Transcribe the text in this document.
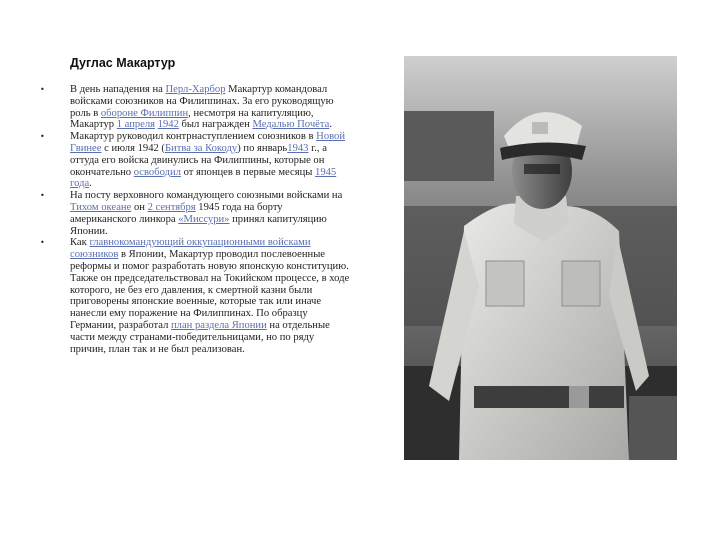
Дуглас Макартур
• В день нападения на Перл-Харбор Макартур командовал войсками союзников на Филиппинах. За его руководящую роль в обороне Филиппин, несмотря на капитуляцию, Макартур 1 апреля 1942 был награжден Медалью Почёта.
• Макартур руководил контрнаступлением союзников в Новой Гвинее с июля 1942 (Битва за Кокоду) по январь1943 г., а оттуда его войска двинулись на Филиппины, которые он окончательно освободил от японцев в первые месяцы 1945 года.
• На посту верховного командующего союзными войсками на Тихом океане он 2 сентября 1945 года на борту американского линкора «Миссури» принял капитуляцию Японии.
• Как главнокомандующий оккупационными войсками союзников в Японии, Макартур проводил послевоенные реформы и помог разработать новую японскую конституцию. Также он председательствовал на Токийском процессе, в ходе которого, не без его давления, к смертной казни были приговорены японские военные, которые так или иначе нанесли ему поражение на Филиппинах. По образцу Германии, разработал план раздела Японии на отдельные части между странами-победительницами, но по ряду причин, план так и не был реализован.
